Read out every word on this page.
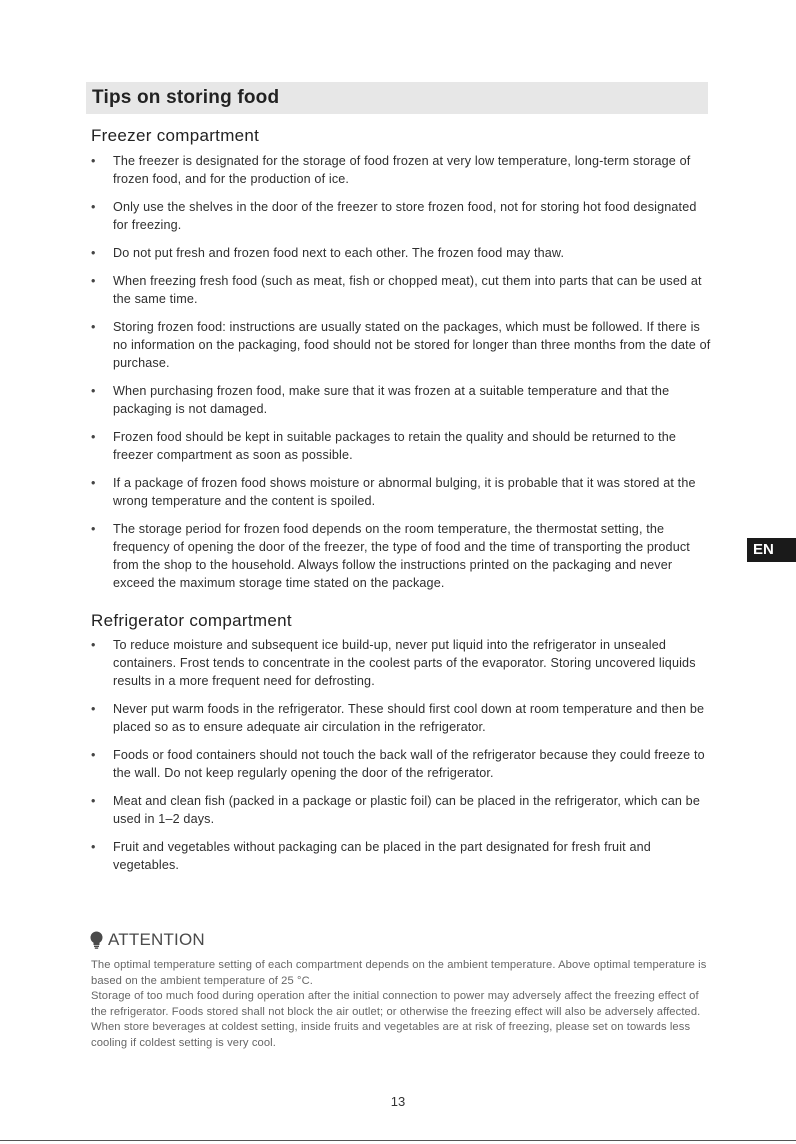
Tips on storing food
Freezer compartment
• The freezer is designated for the storage of food frozen at very low temperature, long-term storage of frozen food, and for the production of ice.
• Only use the shelves in the door of the freezer to store frozen food, not for storing hot food designated for freezing.
• Do not put fresh and frozen food next to each other. The frozen food may thaw.
• When freezing fresh food (such as meat, fish or chopped meat), cut them into parts that can be used at the same time.
• Storing frozen food: instructions are usually stated on the packages, which must be followed. If there is no information on the packaging, food should not be stored for longer than three months from the date of purchase.
• When purchasing frozen food, make sure that it was frozen at a suitable temperature and that the packaging is not damaged.
• Frozen food should be kept in suitable packages to retain the quality and should be returned to the freezer compartment as soon as possible.
• If a package of frozen food shows moisture or abnormal bulging, it is probable that it was stored at the wrong temperature and the content is spoiled.
• The storage period for frozen food depends on the room temperature, the thermostat setting, the frequency of opening the door of the freezer, the type of food and the time of transporting the product from the shop to the household. Always follow the instructions printed on the packaging and never exceed the maximum storage time stated on the package.
EN
Refrigerator compartment
• To reduce moisture and subsequent ice build-up, never put liquid into the refrigerator in unsealed containers. Frost tends to concentrate in the coolest parts of the evaporator. Storing uncovered liquids results in a more frequent need for defrosting.
• Never put warm foods in the refrigerator. These should first cool down at room temperature and then be placed so as to ensure adequate air circulation in the refrigerator.
• Foods or food containers should not touch the back wall of the refrigerator because they could freeze to the wall. Do not keep regularly opening the door of the refrigerator.
• Meat and clean fish (packed in a package or plastic foil) can be placed in the refrigerator, which can be used in 1–2 days.
• Fruit and vegetables without packaging can be placed in the part designated for fresh fruit and vegetables.
ATTENTION

The optimal temperature setting of each compartment depends on the ambient temperature. Above optimal temperature is based on the ambient temperature of 25 °C.

Storage of too much food during operation after the initial connection to power may adversely affect the freezing effect of the refrigerator. Foods stored shall not block the air outlet; or otherwise the freezing effect will also be adversely affected.

When store beverages at coldest setting, inside fruits and vegetables are at risk of freezing, please set on towards less cooling if coldest setting is very cool.

13
